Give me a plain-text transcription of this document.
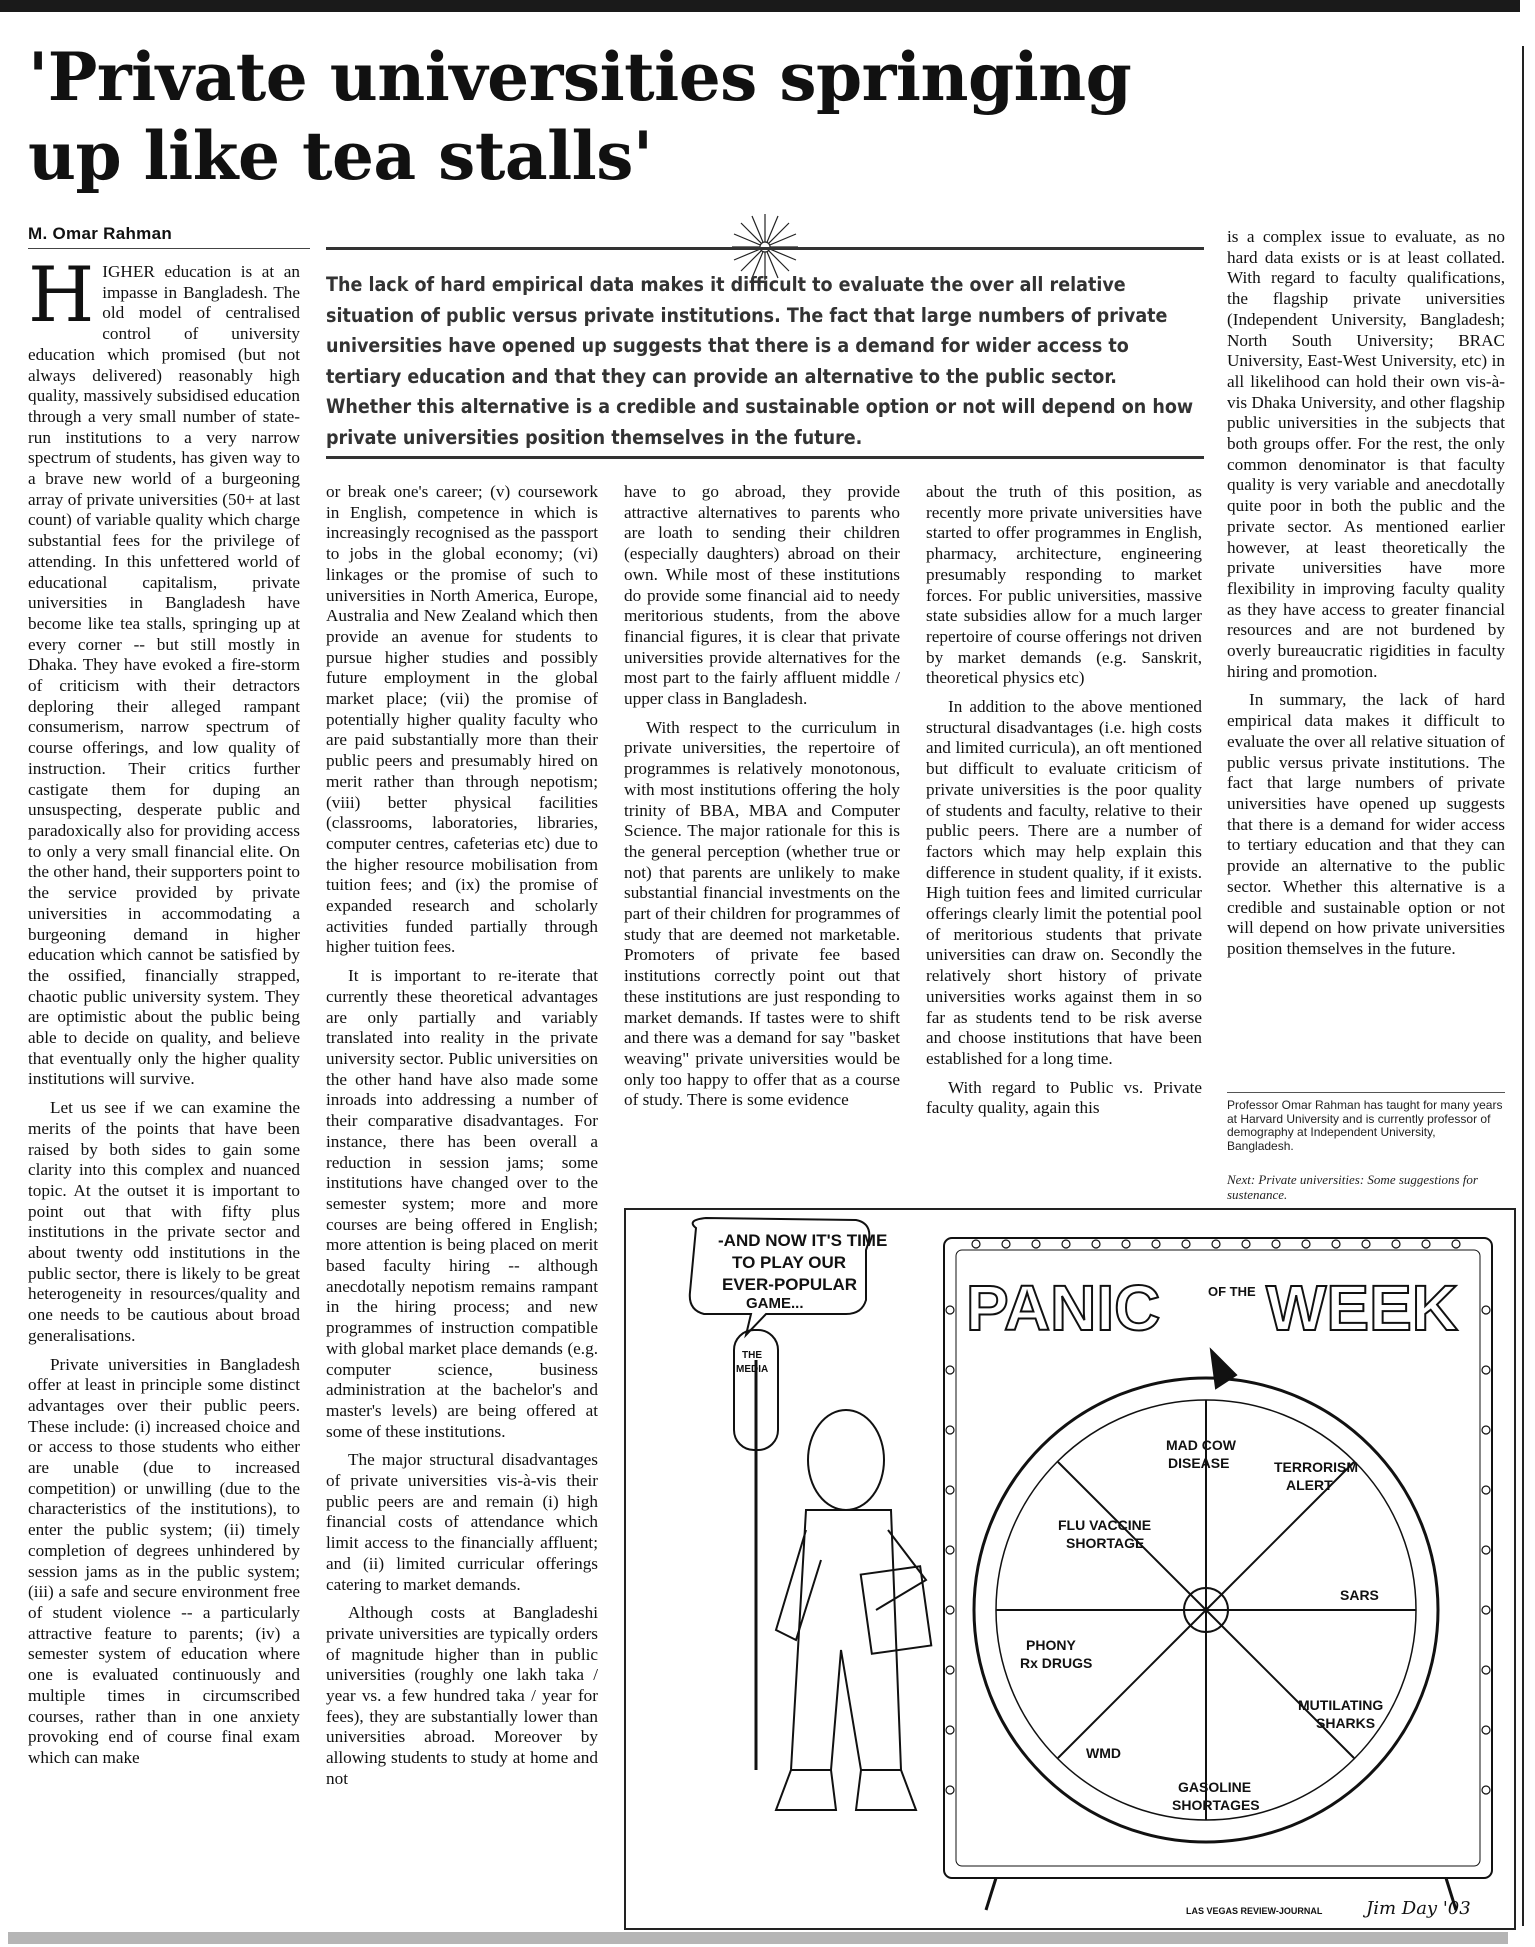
'Private universities springing up like tea stalls'
M. Omar Rahman

The lack of hard empirical data makes it difficult to evaluate the over all relative situation of public versus private institutions. The fact that large numbers of private universities have opened up suggests that there is a demand for wider access to tertiary education and that they can provide an alternative to the public sector. Whether this alternative is a credible and sustainable option or not will depend on how private universities position themselves in the future.

HIGHER education is at an impasse in Bangladesh. The old model of centralised control of university education which promised (but not always delivered) reasonably high quality, massively subsidised education through a very small number of state-run institutions to a very narrow spectrum of students, has given way to a brave new world of a burgeoning array of private universities (50+ at last count) of variable quality which charge substantial fees for the privilege of attending. In this unfettered world of educational capitalism, private universities in Bangladesh have become like tea stalls, springing up at every corner -- but still mostly in Dhaka. They have evoked a fire-storm of criticism with their detractors deploring their alleged rampant consumerism, narrow spectrum of course offerings, and low quality of instruction. Their critics further castigate them for duping an unsuspecting, desperate public and paradoxically also for providing access to only a very small financial elite. On the other hand, their supporters point to the service provided by private universities in accommodating a burgeoning demand in higher education which cannot be satisfied by the ossified, financially strapped, chaotic public university system. They are optimistic about the public being able to decide on quality, and believe that eventually only the higher quality institutions will survive.

Let us see if we can examine the merits of the points that have been raised by both sides to gain some clarity into this complex and nuanced topic. At the outset it is important to point out that with fifty plus institutions in the private sector and about twenty odd institutions in the public sector, there is likely to be great heterogeneity in resources/quality and one needs to be cautious about broad generalisations.

Private universities in Bangladesh offer at least in principle some distinct advantages over their public peers. These include: (i) increased choice and or access to those students who either are unable (due to increased competition) or unwilling (due to the characteristics of the institutions), to enter the public system; (ii) timely completion of degrees unhindered by session jams as in the public system; (iii) a safe and secure environment free of student violence -- a particularly attractive feature to parents; (iv) a semester system of education where one is evaluated continuously and multiple times in circumscribed courses, rather than in one anxiety provoking end of course final exam which can make

or break one's career; (v) coursework in English, competence in which is increasingly recognised as the passport to jobs in the global economy; (vi) linkages or the promise of such to universities in North America, Europe, Australia and New Zealand which then provide an avenue for students to pursue higher studies and possibly future employment in the global market place; (vii) the promise of potentially higher quality faculty who are paid substantially more than their public peers and presumably hired on merit rather than through nepotism; (viii) better physical facilities (classrooms, laboratories, libraries, computer centres, cafeterias etc) due to the higher resource mobilisation from tuition fees; and (ix) the promise of expanded research and scholarly activities funded partially through higher tuition fees.

It is important to re-iterate that currently these theoretical advantages are only partially and variably translated into reality in the private university sector. Public universities on the other hand have also made some inroads into addressing a number of their comparative disadvantages. For instance, there has been overall a reduction in session jams; some institutions have changed over to the semester system; more and more courses are being offered in English; more attention is being placed on merit based faculty hiring -- although anecdotally nepotism remains rampant in the hiring process; and new programmes of instruction compatible with global market place demands (e.g. computer science, business administration at the bachelor's and master's levels) are being offered at some of these institutions.

The major structural disadvantages of private universities vis-à-vis their public peers are and remain (i) high financial costs of attendance which limit access to the financially affluent; and (ii) limited curricular offerings catering to market demands.

Although costs at Bangladeshi private universities are typically orders of magnitude higher than in public universities (roughly one lakh taka / year vs. a few hundred taka / year for fees), they are substantially lower than universities abroad. Moreover by allowing students to study at home and not

have to go abroad, they provide attractive alternatives to parents who are loath to sending their children (especially daughters) abroad on their own. While most of these institutions do provide some financial aid to needy meritorious students, from the above financial figures, it is clear that private universities provide alternatives for the most part to the fairly affluent middle / upper class in Bangladesh.

With respect to the curriculum in private universities, the repertoire of programmes is relatively monotonous, with most institutions offering the holy trinity of BBA, MBA and Computer Science. The major rationale for this is the general perception (whether true or not) that parents are unlikely to make substantial financial investments on the part of their children for programmes of study that are deemed not marketable. Promoters of private fee based institutions correctly point out that these institutions are just responding to market demands. If tastes were to shift and there was a demand for say "basket weaving" private universities would be only too happy to offer that as a course of study. There is some evidence

about the truth of this position, as recently more private universities have started to offer programmes in English, pharmacy, architecture, engineering presumably responding to market forces. For public universities, massive state subsidies allow for a much larger repertoire of course offerings not driven by market demands (e.g. Sanskrit, theoretical physics etc)

In addition to the above mentioned structural disadvantages (i.e. high costs and limited curricula), an oft mentioned but difficult to evaluate criticism of private universities is the poor quality of students and faculty, relative to their public peers. There are a number of factors which may help explain this difference in student quality, if it exists. High tuition fees and limited curricular offerings clearly limit the potential pool of meritorious students that private universities can draw on. Secondly the relatively short history of private universities works against them in so far as students tend to be risk averse and choose institutions that have been established for a long time.

With regard to Public vs. Private faculty quality, again this

is a complex issue to evaluate, as no hard data exists or is at least collated. With regard to faculty qualifications, the flagship private universities (Independent University, Bangladesh; North South University; BRAC University, East-West University, etc) in all likelihood can hold their own vis-à-vis Dhaka University, and other flagship public universities in the subjects that both groups offer. For the rest, the only common denominator is that faculty quality is very variable and anecdotally quite poor in both the public and the private sector. As mentioned earlier however, at least theoretically the private universities have more flexibility in improving faculty quality as they have access to greater financial resources and are not burdened by overly bureaucratic rigidities in faculty hiring and promotion.

In summary, the lack of hard empirical data makes it difficult to evaluate the over all relative situation of public versus private institutions. The fact that large numbers of private universities have opened up suggests that there is a demand for wider access to tertiary education and that they can provide an alternative to the public sector. Whether this alternative is a credible and sustainable option or not will depend on how private universities position themselves in the future.

Professor Omar Rahman has taught for many years at Harvard University and is currently professor of demography at Independent University, Bangladesh.
Next: Private universities: Some suggestions for sustenance.
-AND NOW IT'S TIME
TO PLAY OUR
EVER-POPULAR
GAME...
THE
MEDIA
PANIC	OF THE WEEK
MAD COW
DISEASE	TERRORISM
ALERT
SARS
MUTILATING
SHARKS
GASOLINE
SHORTAGES
WMD
PHONY
Rx DRUGS
FLU VACCINE
SHORTAGE
LAS VEGAS REVIEW-JOURNAL Jim Day '03
